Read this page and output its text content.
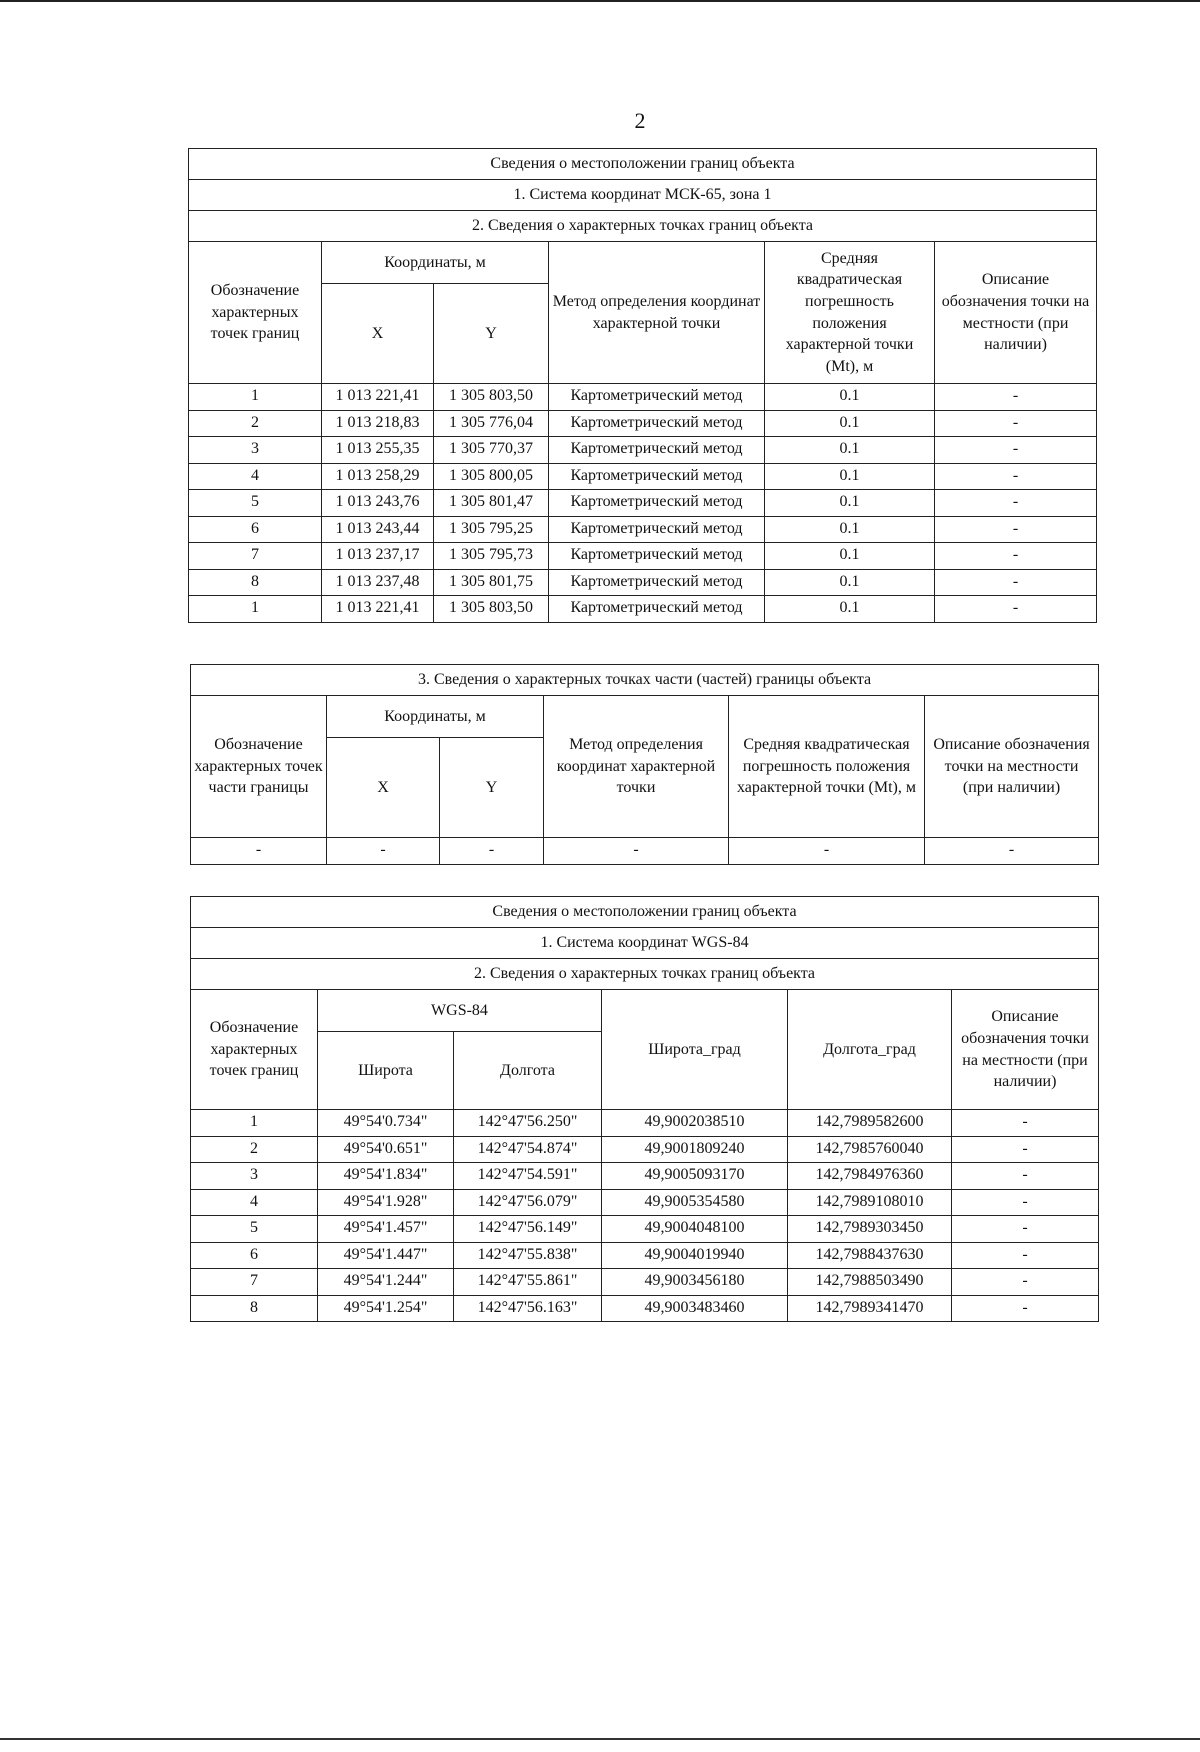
2
Сведения о местоположении границ объекта					
1. Система координат МСК-65, зона 1					
2. Сведения о характерных точках границ объекта					
Обозначение характерных точек границ	Координаты, м		Метод определения координат характерной точки	Средняя квадратическая погрешность положения характерной точки (Mt), м	Описание обозначения точки на местности (при наличии)
	X	Y			
1	1 013 221,41	1 305 803,50	Картометрический метод	0.1	-
2	1 013 218,83	1 305 776,04	Картометрический метод	0.1	-
3	1 013 255,35	1 305 770,37	Картометрический метод	0.1	-
4	1 013 258,29	1 305 800,05	Картометрический метод	0.1	-
5	1 013 243,76	1 305 801,47	Картометрический метод	0.1	-
6	1 013 243,44	1 305 795,25	Картометрический метод	0.1	-
7	1 013 237,17	1 305 795,73	Картометрический метод	0.1	-
8	1 013 237,48	1 305 801,75	Картометрический метод	0.1	-
1	1 013 221,41	1 305 803,50	Картометрический метод	0.1	-
3. Сведения о характерных точках части (частей) границы объекта					
Обозначение характерных точек части границы	Координаты, м		Метод определения координат характерной точки	Средняя квадратическая погрешность положения характерной точки (Mt), м	Описание обозначения точки на местности (при наличии)
	X	Y			
-	-	-	-	-	-
Сведения о местоположении границ объекта					
1. Система координат WGS-84					
2. Сведения о характерных точках границ объекта					
Обозначение характерных точек границ	WGS-84		Широта_град	Долгота_град	Описание обозначения точки на местности (при наличии)
	Широта	Долгота			
1	49°54'0.734"	142°47'56.250"	49,9002038510	142,7989582600	-
2	49°54'0.651"	142°47'54.874"	49,9001809240	142,7985760040	-
3	49°54'1.834"	142°47'54.591"	49,9005093170	142,7984976360	-
4	49°54'1.928"	142°47'56.079"	49,9005354580	142,7989108010	-
5	49°54'1.457"	142°47'56.149"	49,9004048100	142,7989303450	-
6	49°54'1.447"	142°47'55.838"	49,9004019940	142,7988437630	-
7	49°54'1.244"	142°47'55.861"	49,9003456180	142,7988503490	-
8	49°54'1.254"	142°47'56.163"	49,9003483460	142,7989341470	-
